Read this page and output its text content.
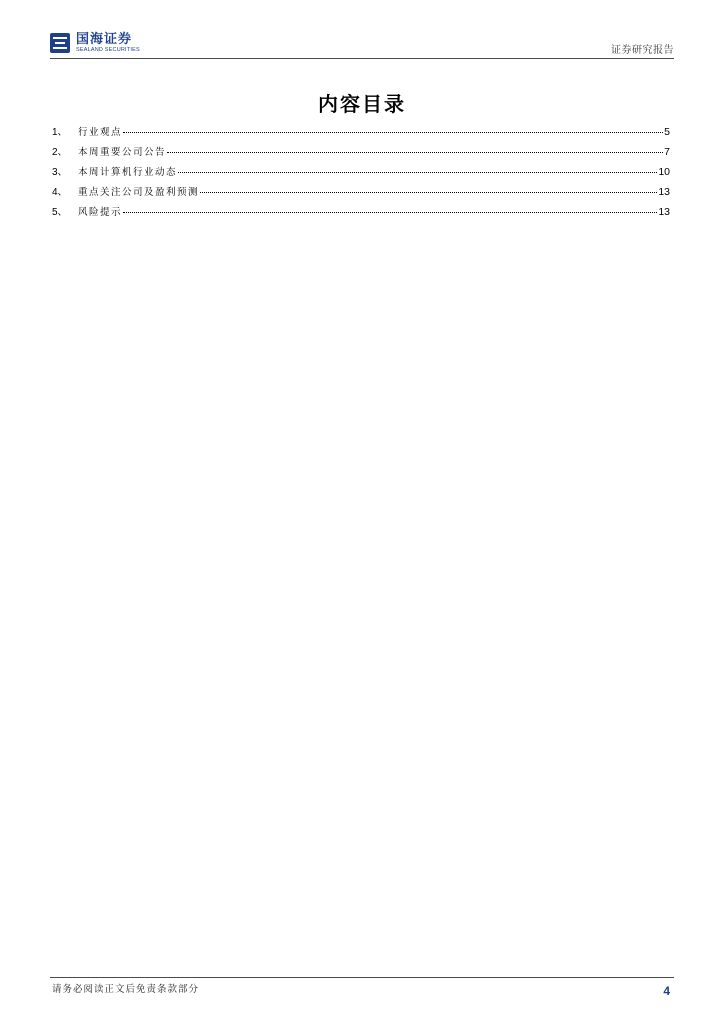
国海证券
SEALAND SECURITIES	证券研究报告
内容目录
1、	行业观点	5
2、	本周重要公司公告	7
3、	本周计算机行业动态	10
4、	重点关注公司及盈利预测	13
5、	风险提示	13
请务必阅读正文后免责条款部分	4
